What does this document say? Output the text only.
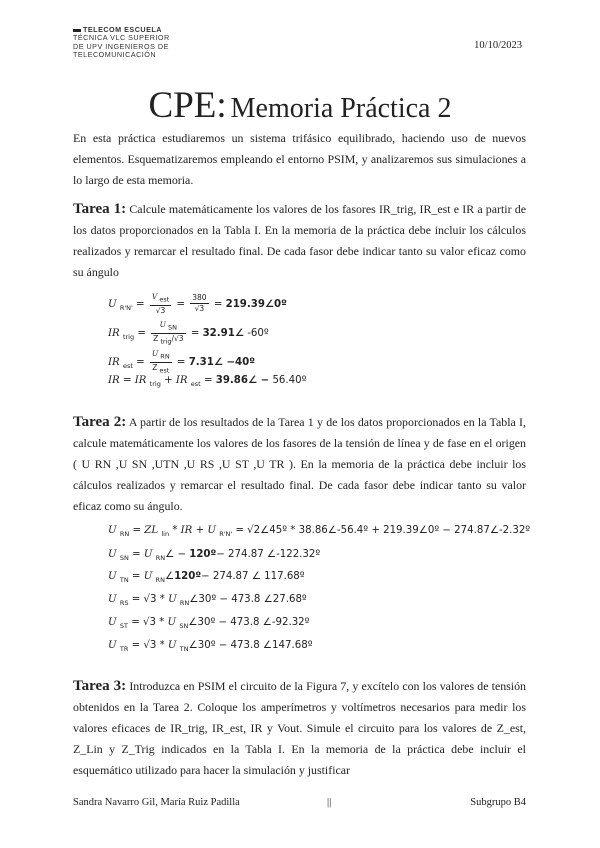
TELECOM ESCUELA
TÉCNICA VLC SUPERIOR
DE UPV INGENIEROS DE
TELECOMUNICACIÓN
10/10/2023
CPE: Memoria Práctica 2
En esta práctica estudiaremos un sistema trifásico equilibrado, haciendo uso de nuevos elementos. Esquematizaremos empleando el entorno PSIM, y analizaremos sus simulaciones a lo largo de esta memoria.
Tarea 1: Calcule matemáticamente los valores de los fasores IR_trig, IR_est e IR a partir de los datos proporcionados en la Tabla I. En la memoria de la práctica debe incluir los cálculos realizados y remarcar el resultado final. De cada fasor debe indicar tanto su valor eficaz como su ángulo
U $_{R'N'} = \frac{V _{est}}{√3} = \frac{380}{√3}$ = 219.39∠0º
IR $_{trig} = \frac{U _{SN}}{Z _{trig}/√3}$ = 32.91∠ -60º
IR $_{est} = \frac{U _{RN}}{Z _{est}}$ = 7.31∠ −40º
IR = IR $_{trig}$ + IR $_{est}$ = 39.86∠ − 56.40º
Tarea 2: A partir de los resultados de la Tarea 1 y de los datos proporcionados en la Tabla I, calcule matemáticamente los valores de los fasores de la tensión de línea y de fase en el origen ( U RN ,U SN ,UTN ,U RS ,U ST ,U TR ). En la memoria de la práctica debe incluir los cálculos realizados y remarcar el resultado final. De cada fasor debe indicar tanto su valor eficaz como su ángulo.
U $_{RN}$ = ZL $_{lin}$ * IR + U $_{R'N'}$ = √2∠45º * 38.86∠-56.4º + 219.39∠0º − 274.87∠-2.32º
U $_{SN}$ = U $_{RN}$∠ − 120º− 274.87 ∠-122.32º
U $_{TN}$ = U $_{RN}$∠120º− 274.87 ∠ 117.68º
U $_{RS}$ = √3 * U $_{RN}$∠30º − 473.8 ∠27.68º
U $_{ST}$ = √3 * U $_{SN}$∠30º − 473.8 ∠-92.32º
U $_{TR}$ = √3 * U $_{TN}$∠30º − 473.8 ∠147.68º
Tarea 3: Introduzca en PSIM el circuito de la Figura 7, y excítelo con los valores de tensión obtenidos en la Tarea 2. Coloque los amperímetros y voltímetros necesarios para medir los valores eficaces de IR_trig, IR_est, IR y Vout. Simule el circuito para los valores de Z_est, Z_Lin y Z_Trig indicados en la Tabla I. En la memoria de la práctica debe incluir el esquemático utilizado para hacer la simulación y justificar
Sandra Navarro Gil, María Ruiz Padilla	||	Subgrupo B4
